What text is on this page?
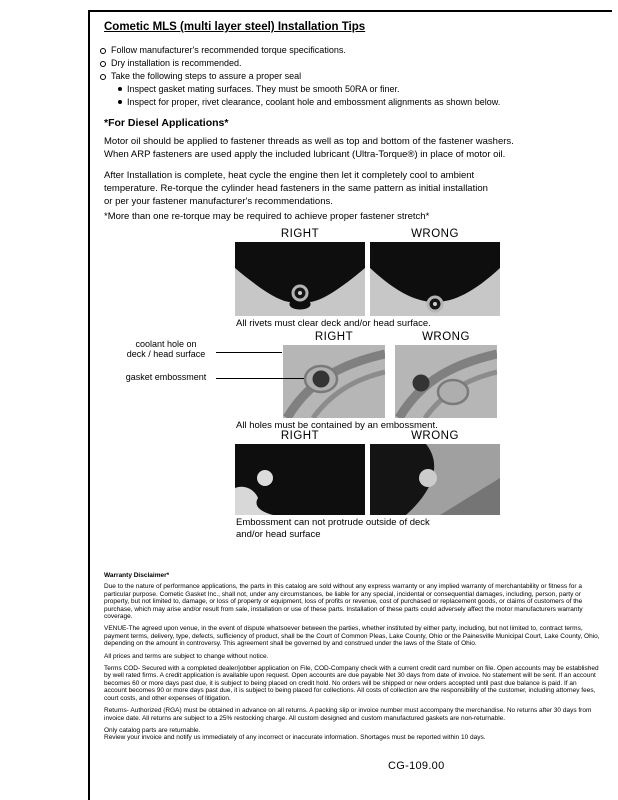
Cometic MLS (multi layer steel) Installation Tips
Follow manufacturer's recommended torque specifications.
Dry installation is recommended.
Take the following steps to assure a proper seal
Inspect gasket mating surfaces. They must be smooth 50RA or finer.
Inspect for proper, rivet clearance, coolant hole and embossment alignments as shown below.
*For Diesel Applications*
Motor oil should be applied to fastener threads as well as top and bottom of the fastener washers.
When ARP fasteners are used apply the included lubricant (Ultra-Torque®) in place of motor oil.
After Installation is complete, heat cycle the engine then let it completely cool to ambient
temperature. Re-torque the cylinder head fasteners in the same pattern as initial installation
or per your fastener manufacturer's recommendations.
*More than one re-torque may be required to achieve proper fastener stretch*
RIGHT	WRONG
All rivets must clear deck and/or head surface.
RIGHT	WRONG
coolant hole on
deck / head surface
gasket embossment
All holes must be contained by an embossment.
RIGHT	WRONG
Embossment can not protrude outside of deck
and/or head surface
Warranty Disclaimer*

Due to the nature of performance applications, the parts in this catalog are sold without any express warranty or any implied warranty of merchantability or fitness for a particular purpose. Cometic Gasket Inc., shall not, under any circumstances, be liable for any special, incidental or consequential damages, including, person, party or property, but not limited to, damage, or loss of property or equipment, loss of profits or revenue, cost of purchased or replacement goods, or claims of customers of the purchase, which may arise and/or result from sale, installation or use of these parts. Installation of these parts could adversely affect the motor manufacturers warranty coverage.

VENUE-The agreed upon venue, in the event of dispute whatsoever between the parties, whether instituted by either party, including, but not limited to, contract terms, payment terms, delivery, type, defects, sufficiency of product, shall be the Court of Common Pleas, Lake County, Ohio or the Painesville Municipal Court, Lake County, Ohio, depending on the amount in controversy. This agreement shall be governed by and construed under the laws of the State of Ohio.

All prices and terms are subject to change without notice.

Terms COD- Secured with a completed dealer/jobber application on File, COD-Company check with a current credit card number on file. Open accounts may be established by well rated firms. A credit application is available upon request. Open accounts are due payable Net 30 days from date of invoice. No statement will be sent. If an account becomes 60 or more days past due, it is subject to being placed on credit hold. No orders will be shipped or new orders accepted until past due balance is paid. If an account becomes 90 or more days past due, it is subject to being placed for collections. All costs of collection are the responsibility of the customer, including attorney fees, court costs, and other expenses of litigation.

Returns- Authorized (RGA) must be obtained in advance on all returns. A packing slip or invoice number must accompany the merchandise. No returns after 30 days from invoice date. All returns are subject to a 25% restocking charge. All custom designed and custom manufactured gaskets are non-returnable.

Only catalog parts are returnable.

Review your invoice and notify us immediately of any incorrect or inaccurate information. Shortages must be reported within 10 days.

CG-109.00
